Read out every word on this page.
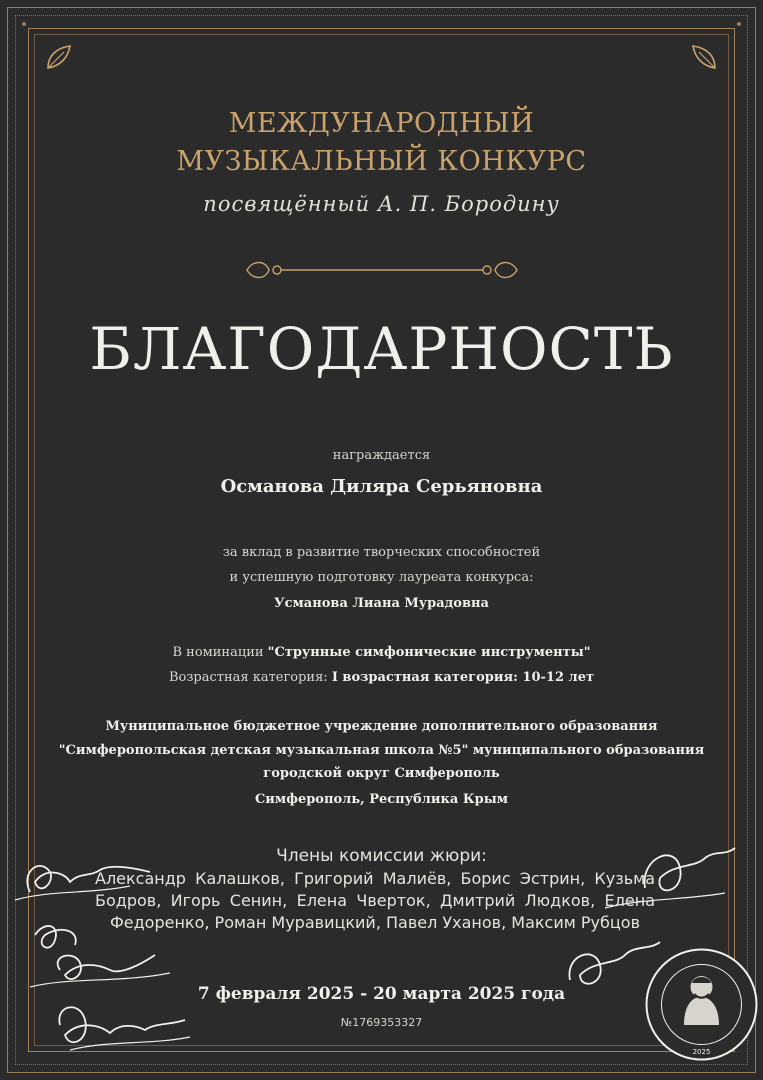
МЕЖДУНАРОДНЫЙ
МУЗЫКАЛЬНЫЙ КОНКУРС
посвящённый А. П. Бородину
БЛАГОДАРНОСТЬ
награждается
Османова Диляра Серьяновна
за вклад в развитие творческих способностей
и успешную подготовку лауреата конкурса:
Усманова Лиана Мурадовна
В номинации "Струнные симфонические инструменты"
Возрастная категория: I возрастная категория: 10-12 лет
Муниципальное бюджетное учреждение дополнительного образования
"Симферопольская детская музыкальная школа №5" муниципального образования
городской округ Симферополь
Симферополь, Республика Крым
Члены комиссии жюри:
Александр Калашков, Григорий Малиёв, Борис Эстрин, Кузьма Бодров, Игорь Сенин, Елена Чверток, Дмитрий Людков, Елена Федоренко, Роман Муравицкий, Павел Уханов, Максим Рубцов
7 февраля 2025 - 20 марта 2025 года
№1769353327
2025
